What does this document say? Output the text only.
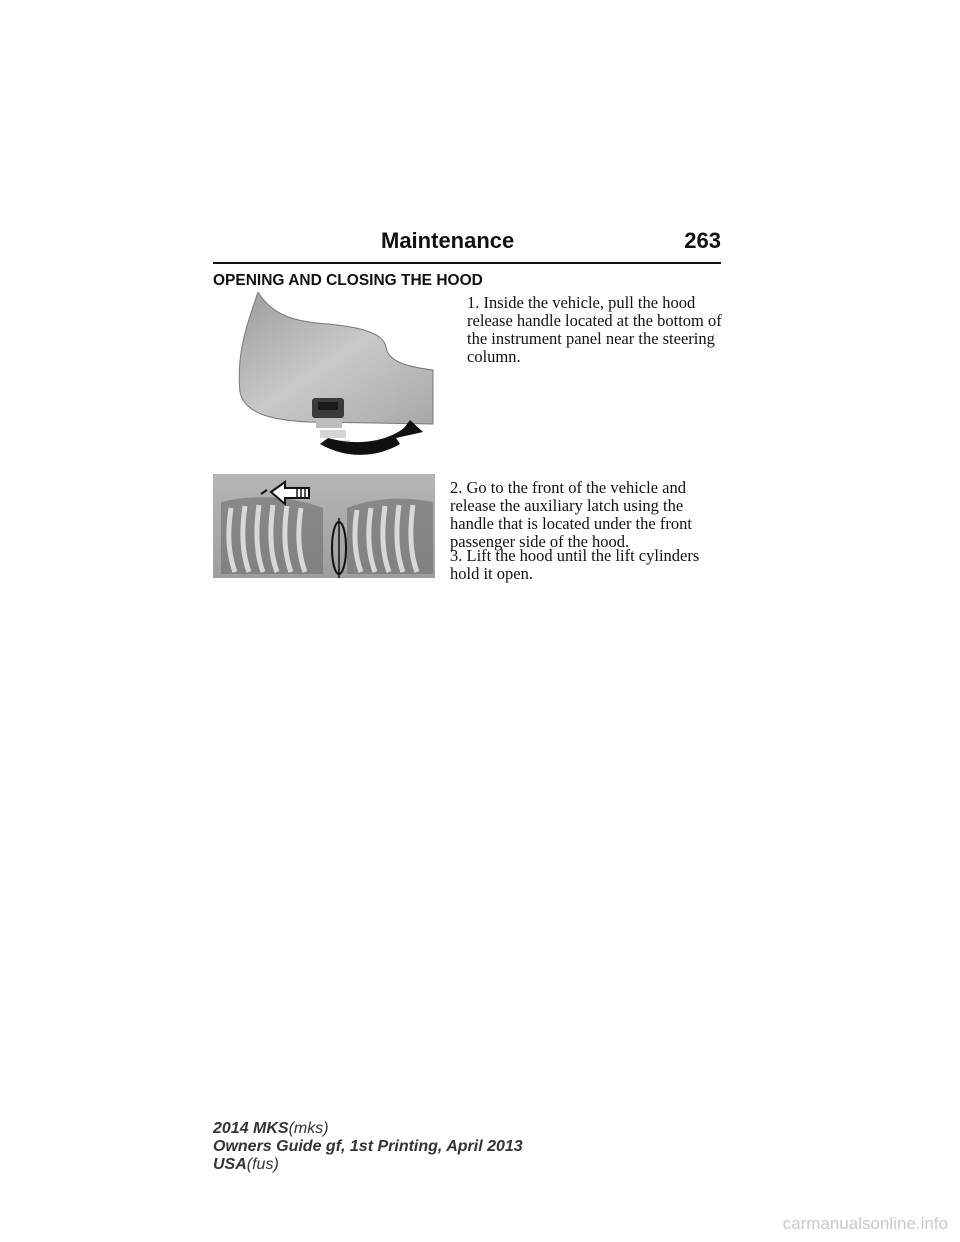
Maintenance	263
OPENING AND CLOSING THE HOOD
1. Inside the vehicle, pull the hood release handle located at the bottom of the instrument panel near the steering column.
2. Go to the front of the vehicle and release the auxiliary latch using the handle that is located under the front passenger side of the hood.
3. Lift the hood until the lift cylinders hold it open.
2014 MKS(mks)
Owners Guide gf, 1st Printing, April 2013
USA(fus)
carmanualsonline.info
